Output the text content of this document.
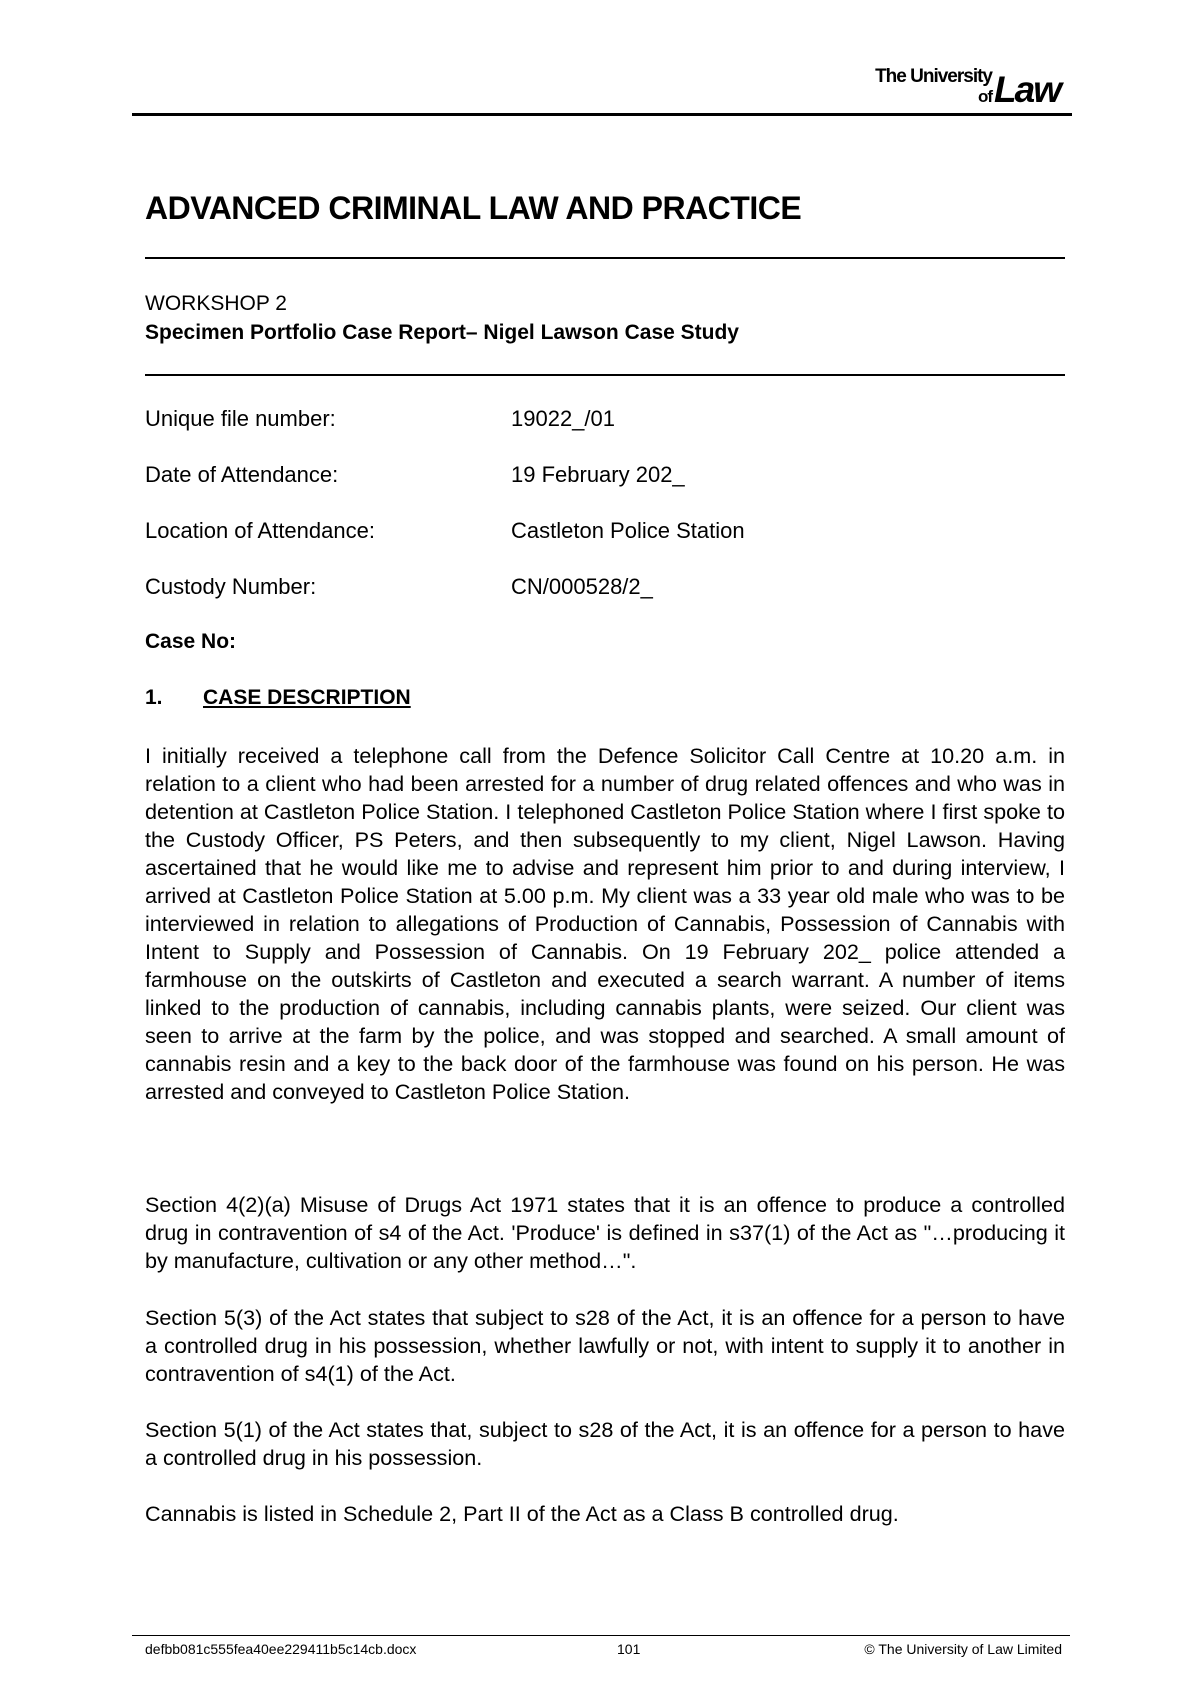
The University
of Law
ADVANCED CRIMINAL LAW AND PRACTICE
WORKSHOP 2
Specimen Portfolio Case Report– Nigel Lawson Case Study
Unique file number:	19022_/01
Date of Attendance:	19 February 202_
Location of Attendance:	Castleton Police Station
Custody Number:	CN/000528/2_
Case No:
1. CASE DESCRIPTION

I initially received a telephone call from the Defence Solicitor Call Centre at 10.20 a.m. in relation to a client who had been arrested for a number of drug related offences and who was in detention at Castleton Police Station. I telephoned Castleton Police Station where I first spoke to the Custody Officer, PS Peters, and then subsequently to my client, Nigel Lawson. Having ascertained that he would like me to advise and represent him prior to and during interview, I arrived at Castleton Police Station at 5.00 p.m. My client was a 33 year old male who was to be interviewed in relation to allegations of Production of Cannabis, Possession of Cannabis with Intent to Supply and Possession of Cannabis. On 19 February 202_ police attended a farmhouse on the outskirts of Castleton and executed a search warrant. A number of items linked to the production of cannabis, including cannabis plants, were seized. Our client was seen to arrive at the farm by the police, and was stopped and searched. A small amount of cannabis resin and a key to the back door of the farmhouse was found on his person. He was arrested and conveyed to Castleton Police Station.

Section 4(2)(a) Misuse of Drugs Act 1971 states that it is an offence to produce a controlled drug in contravention of s4 of the Act. 'Produce' is defined in s37(1) of the Act as "…producing it by manufacture, cultivation or any other method…".

Section 5(3) of the Act states that subject to s28 of the Act, it is an offence for a person to have a controlled drug in his possession, whether lawfully or not, with intent to supply it to another in contravention of s4(1) of the Act.

Section 5(1) of the Act states that, subject to s28 of the Act, it is an offence for a person to have a controlled drug in his possession.

Cannabis is listed in Schedule 2, Part II of the Act as a Class B controlled drug.

defbb081c555fea40ee229411b5c14cb.docx	101	© The University of Law Limited
